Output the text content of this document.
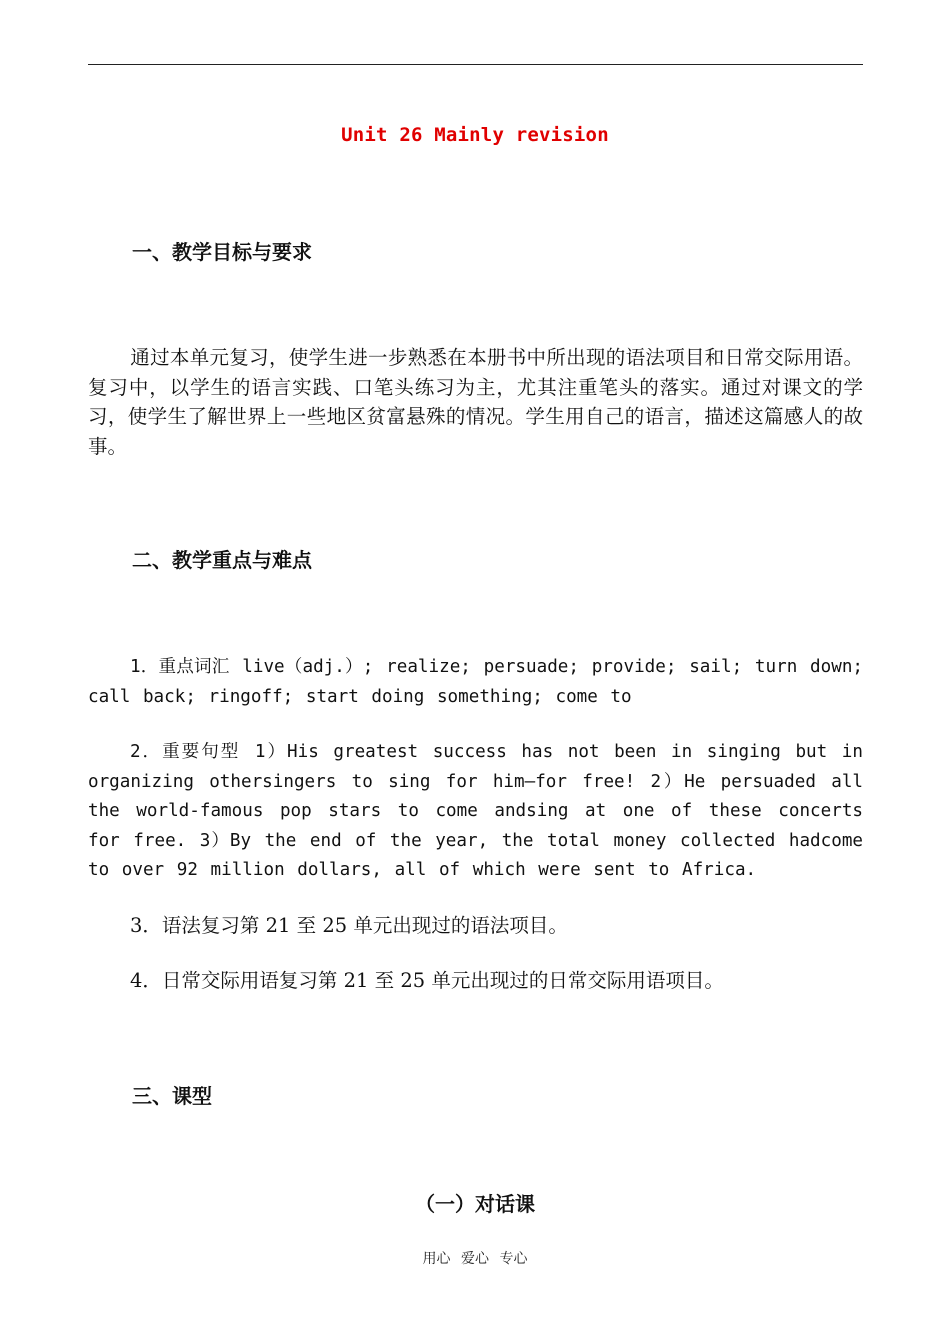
Unit 26 Mainly revision
一、教学目标与要求
通过本单元复习，使学生进一步熟悉在本册书中所出现的语法项目和日常交际用语。复习中，以学生的语言实践、口笔头练习为主，尤其注重笔头的落实。通过对课文的学习，使学生了解世界上一些地区贫富悬殊的情况。学生用自己的语言，描述这篇感人的故事。
二、教学重点与难点
1．重点词汇 live（adj.）; realize; persuade; provide; sail; turn down; call back; ringoff; start doing something; come to
2．重要句型 1）His greatest success has not been in singing but in organizing othersingers to sing for him—for free! 2）He persuaded all the world-famous pop stars to come andsing at one of these concerts for free. 3）By the end of the year, the total money collected hadcome to over 92 million dollars, all of which were sent to Africa.
3．语法复习第 21 至 25 单元出现过的语法项目。
4．日常交际用语复习第 21 至 25 单元出现过的日常交际用语项目。
三、课型
（一）对话课
用心 爱心 专心
